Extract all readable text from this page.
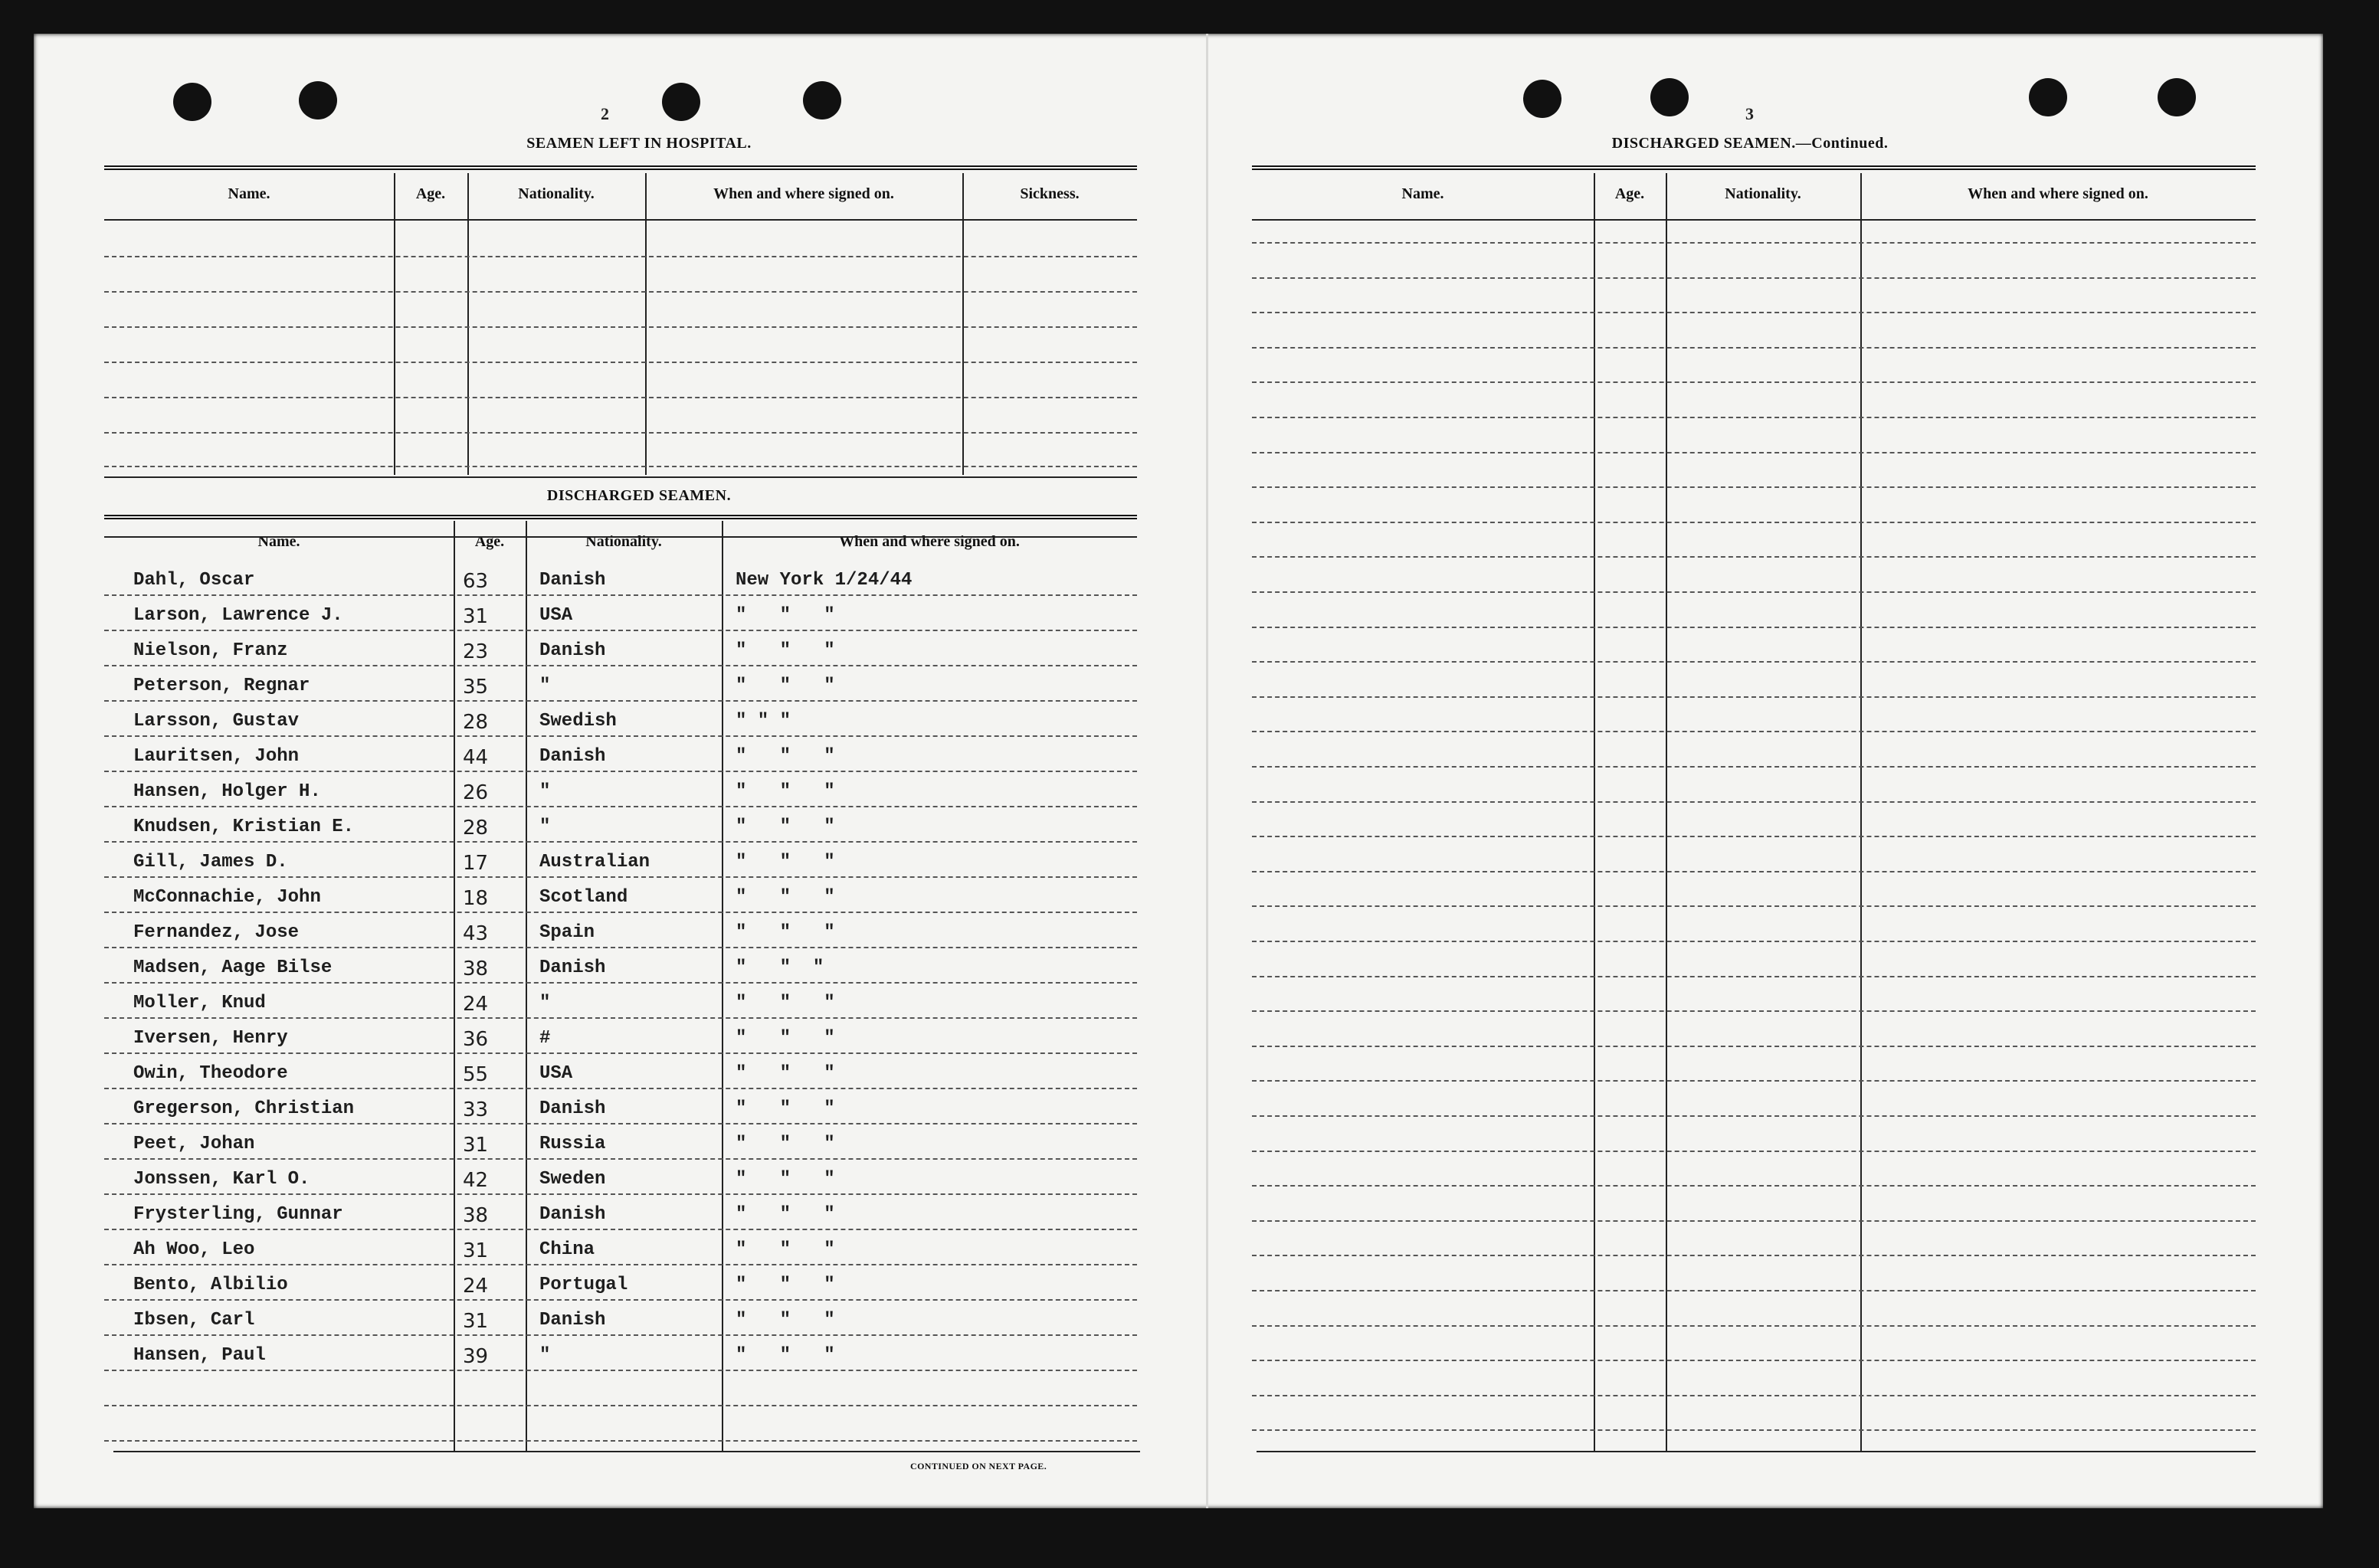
2
SEAMEN LEFT IN HOSPITAL.
Name.	Age.	Nationality.	When and where signed on.	Sickness.
DISCHARGED SEAMEN.
Name.	Age.	Nationality.	When and where signed on.
Dahl, Oscar	63	Danish	New York 1/24/44
Larson, Lawrence J.	31	USA	"   "   "
Nielson, Franz	23	Danish	"   "   "
Peterson, Regnar	35	"	"   "   "
Larsson, Gustav	28	Swedish	" " "
Lauritsen, John	44	Danish	"   "   "
Hansen, Holger H.	26	"	"   "   "
Knudsen, Kristian E.	28	"	"   "   "
Gill, James D.	17	Australian	"   "   "
McConnachie, John	18	Scotland	"   "   "
Fernandez, Jose	43	Spain	"   "   "
Madsen, Aage Bilse	38	Danish	"   "  "
Moller, Knud	24	"	"   "   "
Iversen, Henry	36	#	"   "   "
Owin, Theodore	55	USA	"   "   "
Gregerson, Christian	33	Danish	"   "   "
Peet, Johan	31	Russia	"   "   "
Jonssen, Karl O.	42	Sweden	"   "   "
Frysterling, Gunnar	38	Danish	"   "   "
Ah Woo, Leo	31	China	"   "   "
Bento, Albilio	24	Portugal	"   "   "
Ibsen, Carl	31	Danish	"   "   "
Hansen, Paul	39	"	"   "   "
CONTINUED ON NEXT PAGE.
3
DISCHARGED SEAMEN.—Continued.
Name.	Age.	Nationality.	When and where signed on.
